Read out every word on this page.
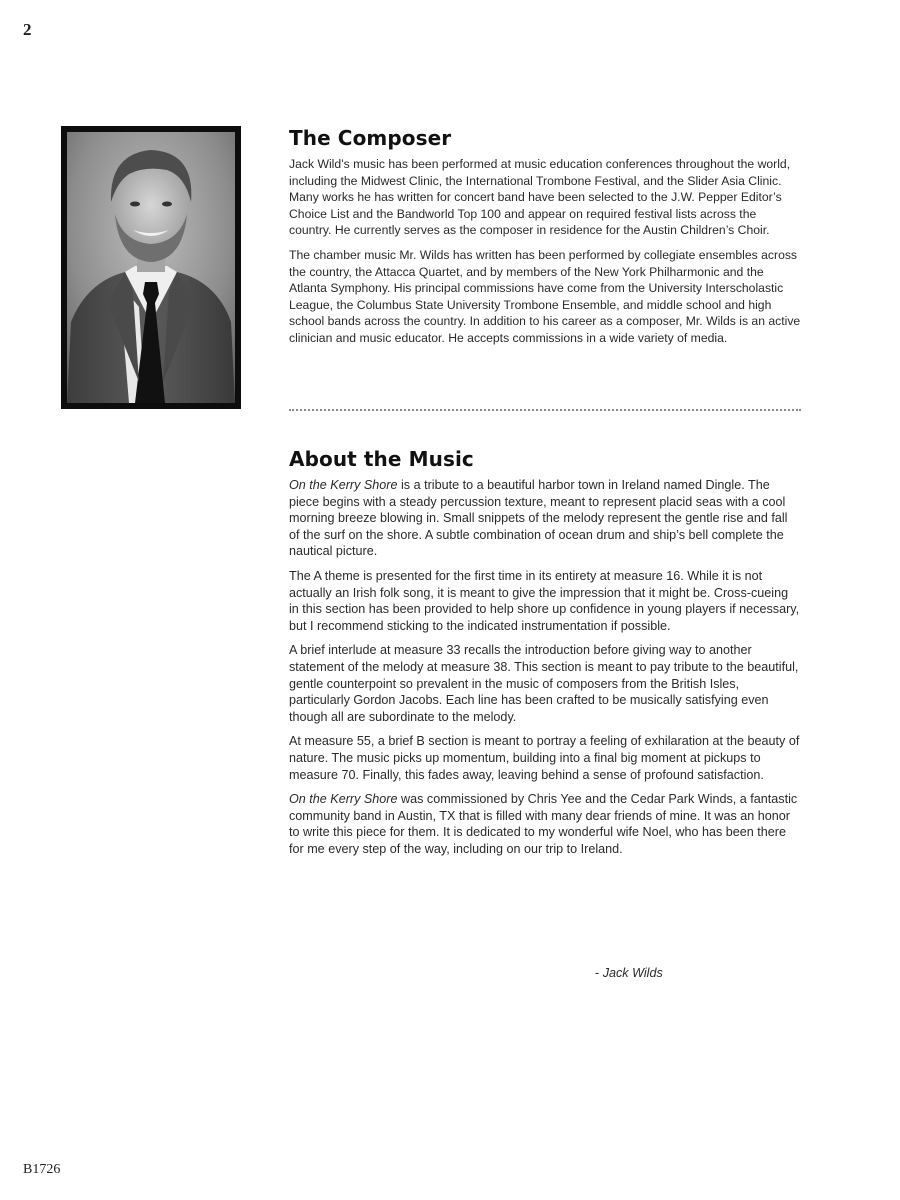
2
The Composer

Jack Wild’s music has been performed at music education conferences throughout the world, including the Midwest Clinic, the International Trombone Festival, and the Slider Asia Clinic. Many works he has written for concert band have been selected to the J.W. Pepper Editor’s Choice List and the Bandworld Top 100 and appear on required festival lists across the country. He currently serves as the composer in residence for the Austin Children’s Choir.

The chamber music Mr. Wilds has written has been performed by collegiate ensembles across the country, the Attacca Quartet, and by members of the New York Philharmonic and the Atlanta Symphony. His principal commissions have come from the University Interscholastic League, the Columbus State University Trombone Ensemble, and middle school and high school bands across the country. In addition to his career as a composer, Mr. Wilds is an active clinician and music educator. He accepts commissions in a wide variety of media.

About the Music

On the Kerry Shore is a tribute to a beautiful harbor town in Ireland named Dingle. The piece begins with a steady percussion texture, meant to represent placid seas with a cool morning breeze blowing in. Small snippets of the melody represent the gentle rise and fall of the surf on the shore. A subtle combination of ocean drum and ship’s bell complete the nautical picture.

The A theme is presented for the first time in its entirety at measure 16. While it is not actually an Irish folk song, it is meant to give the impression that it might be. Cross-cueing in this section has been provided to help shore up confidence in young players if necessary, but I recommend sticking to the indicated instrumentation if possible.

A brief interlude at measure 33 recalls the introduction before giving way to another statement of the melody at measure 38. This section is meant to pay tribute to the beautiful, gentle counterpoint so prevalent in the music of composers from the British Isles, particularly Gordon Jacobs. Each line has been crafted to be musically satisfying even though all are subordinate to the melody.

At measure 55, a brief B section is meant to portray a feeling of exhilaration at the beauty of nature. The music picks up momentum, building into a final big moment at pickups to measure 70. Finally, this fades away, leaving behind a sense of profound satisfaction.

On the Kerry Shore was commissioned by Chris Yee and the Cedar Park Winds, a fantastic community band in Austin, TX that is filled with many dear friends of mine. It was an honor to write this piece for them. It is dedicated to my wonderful wife Noel, who has been there for me every step of the way, including on our trip to Ireland.

- Jack Wilds
B1726
